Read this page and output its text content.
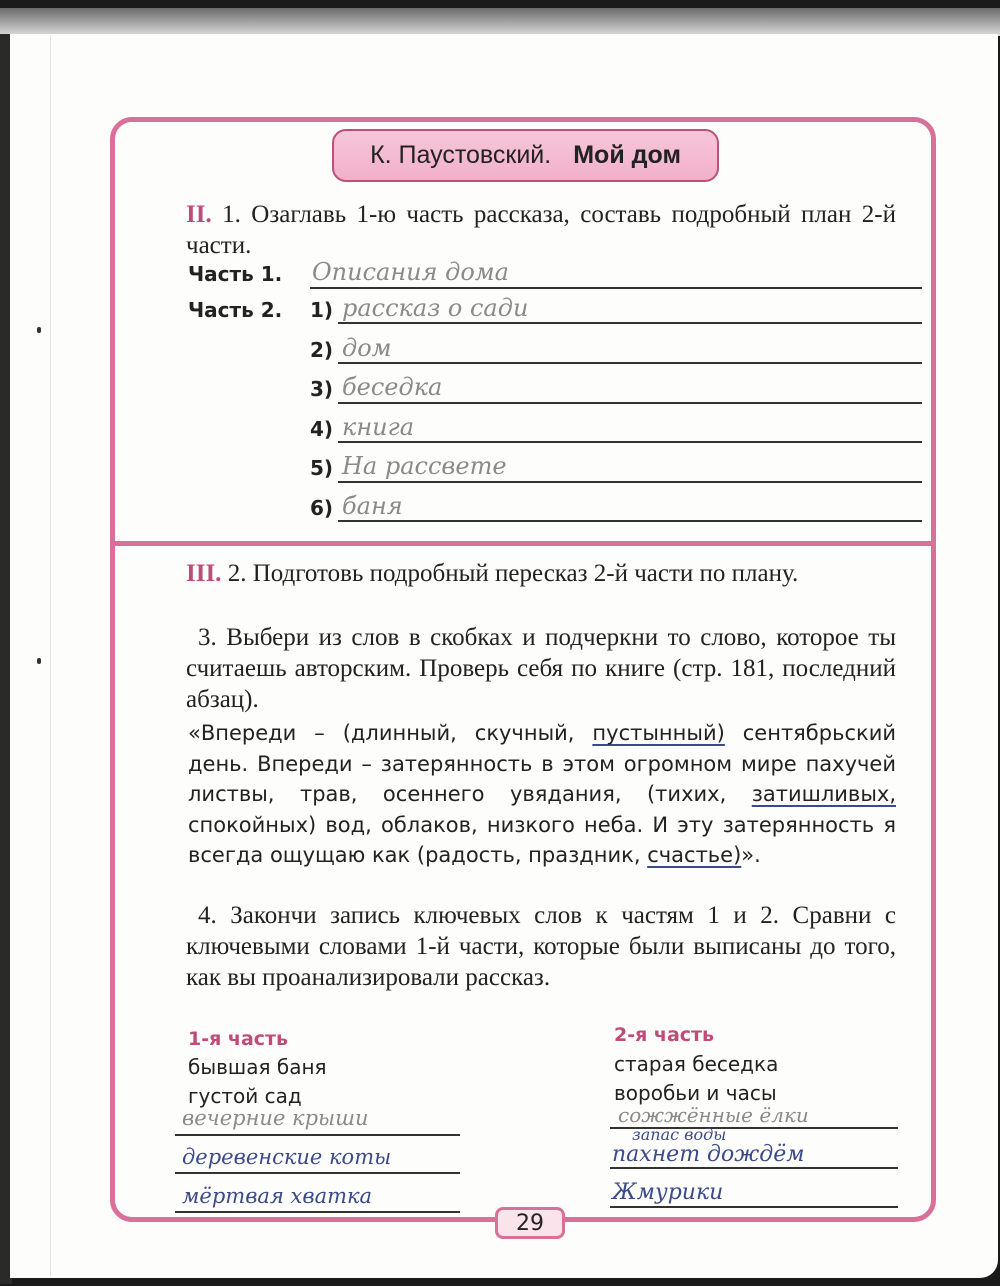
К. Паустовский. Мой дом
II. 1. Озаглавь 1-ю часть рассказа, составь подробный план 2-й части.
Часть 1. Описания дома
Часть 2. 1) рассказ о сади
2) дом
3) беседка
4) книга
5) На рассвете
6) баня
III. 2. Подготовь подробный пересказ 2-й части по плану.
3. Выбери из слов в скобках и подчеркни то слово, которое ты считаешь авторским. Проверь себя по книге (стр. 181, последний абзац).
«Впереди – (длинный, скучный, пустынный) сентябрьский день. Впереди – затерянность в этом огромном мире пахучей листвы, трав, осеннего увядания, (тихих, затишливых, спокойных) вод, облаков, низкого неба. И эту затерянность я всегда ощущаю как (радость, праздник, счастье)».
4. Закончи запись ключевых слов к частям 1 и 2. Сравни с ключевыми словами 1-й части, которые были выписаны до того, как вы проанализировали рассказ.
1-я часть
бывшая баня
густой сад
вечерние крыши
деревенские коты
мёртвая хватка
2-я часть
старая беседка
воробьи и часы
сожжённые ёлки
запас воды
пахнет дождём
Жмурики
29
